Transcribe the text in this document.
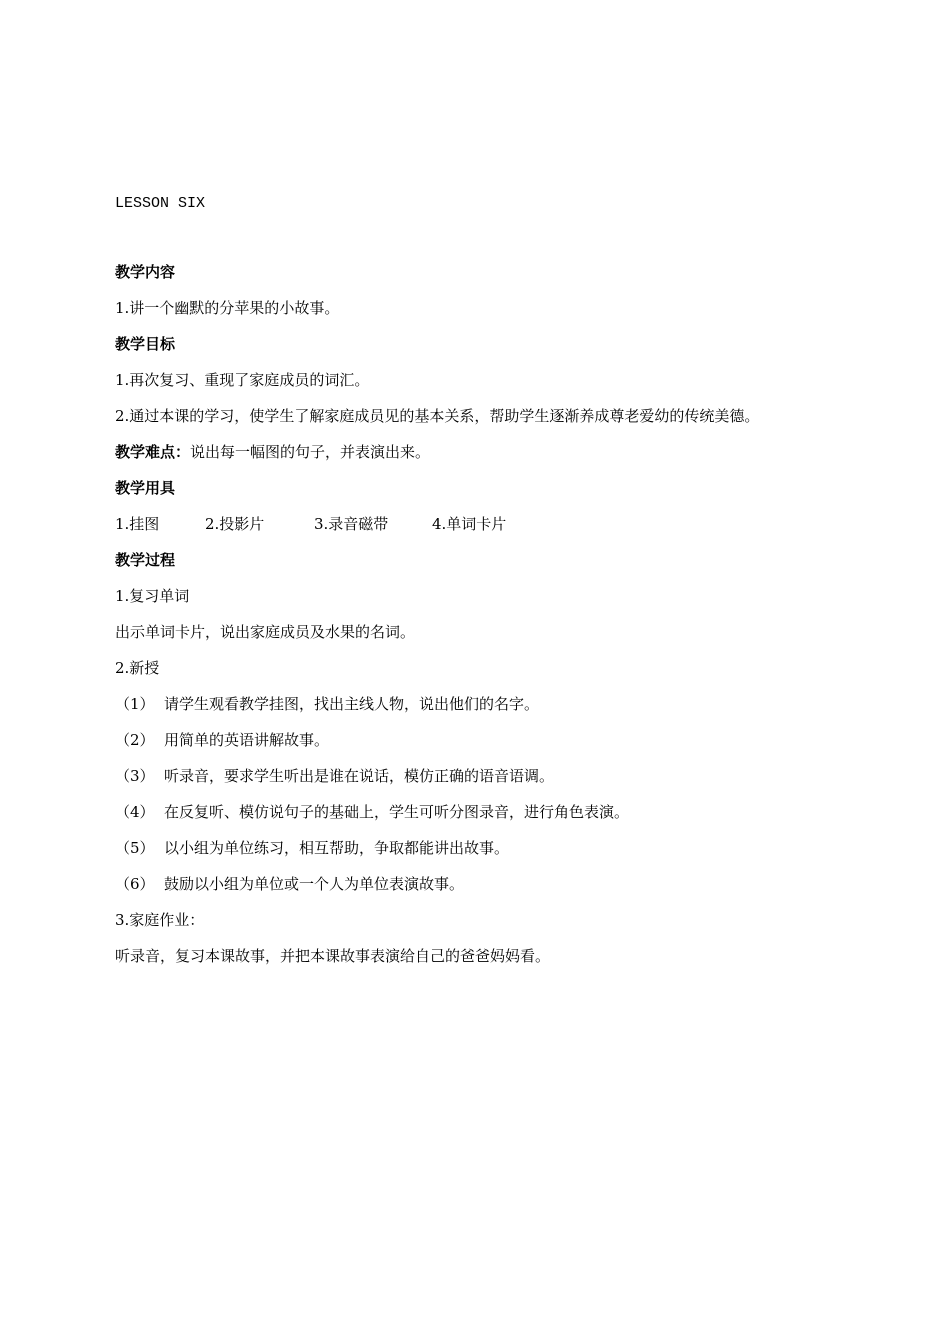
LESSON SIX
教学内容
1.讲一个幽默的分苹果的小故事。
教学目标
1.再次复习、重现了家庭成员的词汇。
2.通过本课的学习，使学生了解家庭成员见的基本关系，帮助学生逐渐养成尊老爱幼的传统美德。
教学难点：说出每一幅图的句子，并表演出来。
教学用具
1.挂图	2.投影片	3.录音磁带	4.单词卡片
教学过程
1.复习单词
出示单词卡片，说出家庭成员及水果的名词。
2.新授
（1） 请学生观看教学挂图，找出主线人物，说出他们的名字。
（2） 用简单的英语讲解故事。
（3） 听录音，要求学生听出是谁在说话，模仿正确的语音语调。
（4） 在反复听、模仿说句子的基础上，学生可听分图录音，进行角色表演。
（5） 以小组为单位练习，相互帮助，争取都能讲出故事。
（6） 鼓励以小组为单位或一个人为单位表演故事。
3.家庭作业：
听录音，复习本课故事，并把本课故事表演给自己的爸爸妈妈看。
